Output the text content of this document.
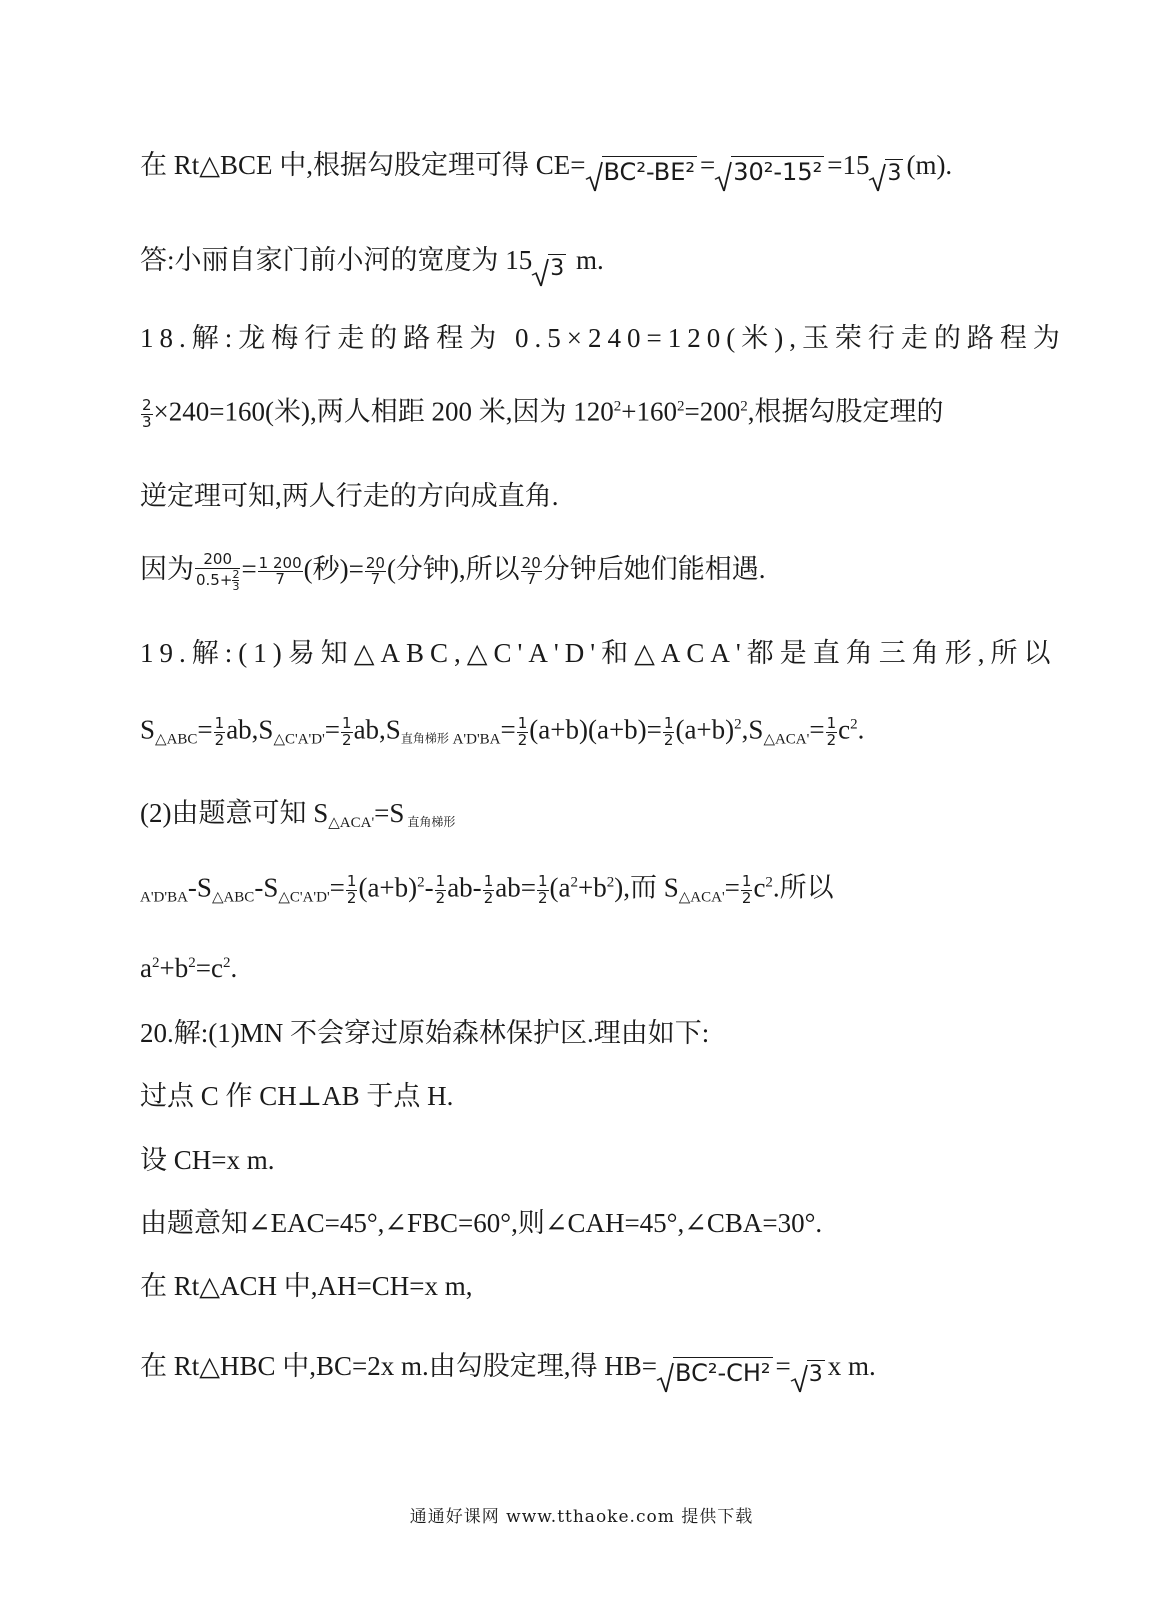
在 Rt△BCE 中,根据勾股定理可得 CE= BC²-BE² = 30²-15² =15 3 (m).
答:小丽自家门前小河的宽度为 15 3 m.
18.解:龙梅行走的路程为 0.5×240=120(米),玉荣行走的路程为
$\frac{2}{3} \times 240=160$(米),两人相距 200 米,因为 $120^2+160^2=200^2$,根据勾股定理的
逆定理可知,两人行走的方向成直角.
因为 $\frac{200}{0.5+ \frac{2}{3}} = \frac{1 200}{7}$ (秒)= $\frac{20}{7}$ (分钟),所以 $\frac{20}{7}$ 分钟后她们能相遇.
19.解:(1)易知△ABC,△C'A'D'和△ACA'都是直角三角形,所以
$S_{\triangle ABC}= \frac{1}{2} ab,S_{\triangle C'A'D'}= \frac{1}{2} ab,S$直角梯形 $_{A'D'BA}= \frac{1}{2} (a+b)(a+b)= \frac{1}{2} (a+b)^2,S_{\triangle ACA'}= \frac{1}{2} c^2$.
(2)由题意可知 $S_{\triangle ACA'}=S$ 直角梯形
$_{A'D'BA}-S_{\triangle ABC}-S_{\triangle C'A'D'}= \frac{1}{2} (a+b)^2- \frac{1}{2} ab- \frac{1}{2} ab= \frac{1}{2} (a^2+b^2)$,而 $S_{\triangle ACA'}= \frac{1}{2} c^2$.所以
$a^2+b^2=c^2$.
20.解:(1)MN 不会穿过原始森林保护区.理由如下:
过点 C 作 CH⊥AB 于点 H.
设 CH=x m.
由题意知∠EAC=45°,∠FBC=60°,则∠CAH=45°,∠CBA=30°.
在 Rt△ACH 中,AH=CH=x m,
在 Rt△HBC 中,BC=2x m.由勾股定理,得 HB= BC²-CH² = 3 x m.
通通好课网 www.tthaoke.com 提供下载
